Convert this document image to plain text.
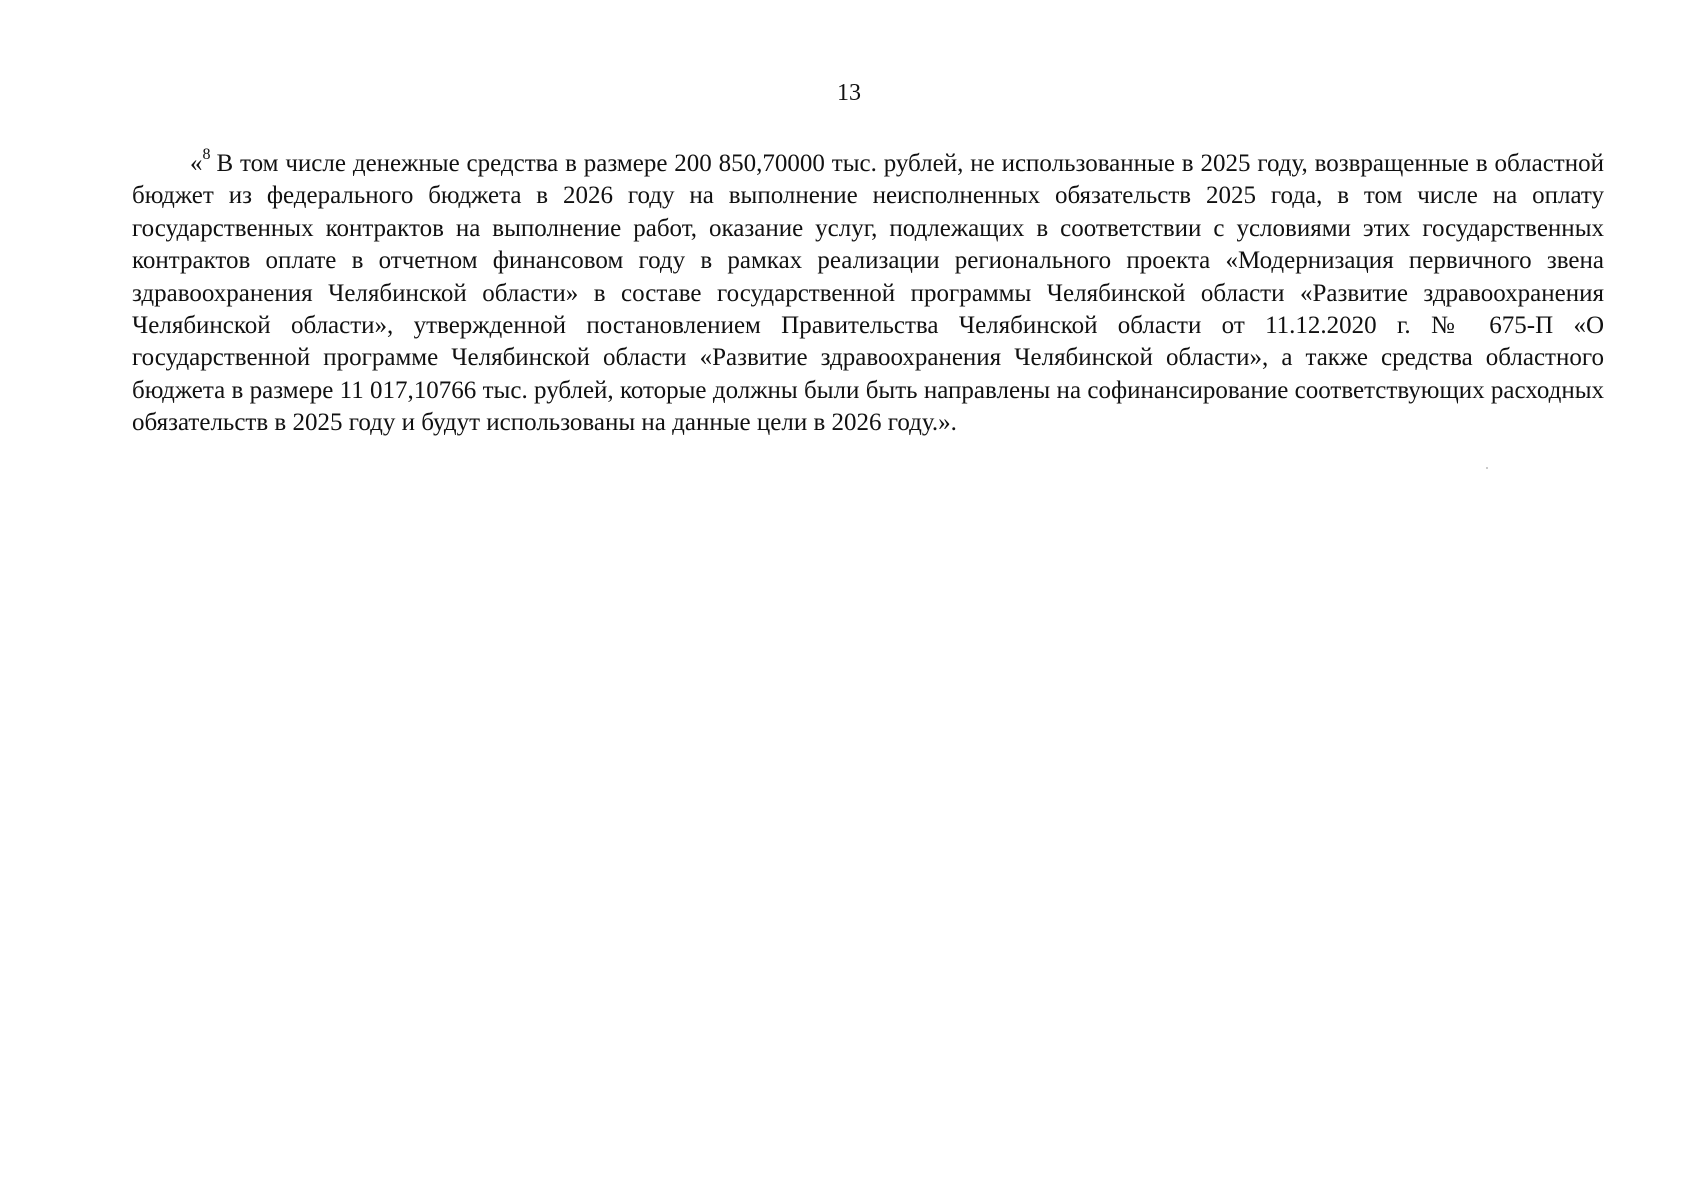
13

«$^8$ В том числе денежные средства в размере 200 850,70000 тыс. рублей, не использованные в 2025 году, возвращенные в областной бюджет из федерального бюджета в 2026 году на выполнение неисполненных обязательств 2025 года, в том числе на оплату государственных контрактов на выполнение работ, оказание услуг, подлежащих в соответствии с условиями этих государственных контрактов оплате в отчетном финансовом году в рамках реализации регионального проекта «Модернизация первичного звена здравоохранения Челябинской области» в составе государственной программы Челябинской области «Развитие здравоохранения Челябинской области», утвержденной постановлением Правительства Челябинской области от 11.12.2020 г. № 675-П «О государственной программе Челябинской области «Развитие здравоохранения Челябинской области», а также средства областного бюджета в размере 11 017,10766 тыс. рублей, которые должны были быть направлены на софинансирование соответствующих расходных обязательств в 2025 году и будут использованы на данные цели в 2026 году.».
